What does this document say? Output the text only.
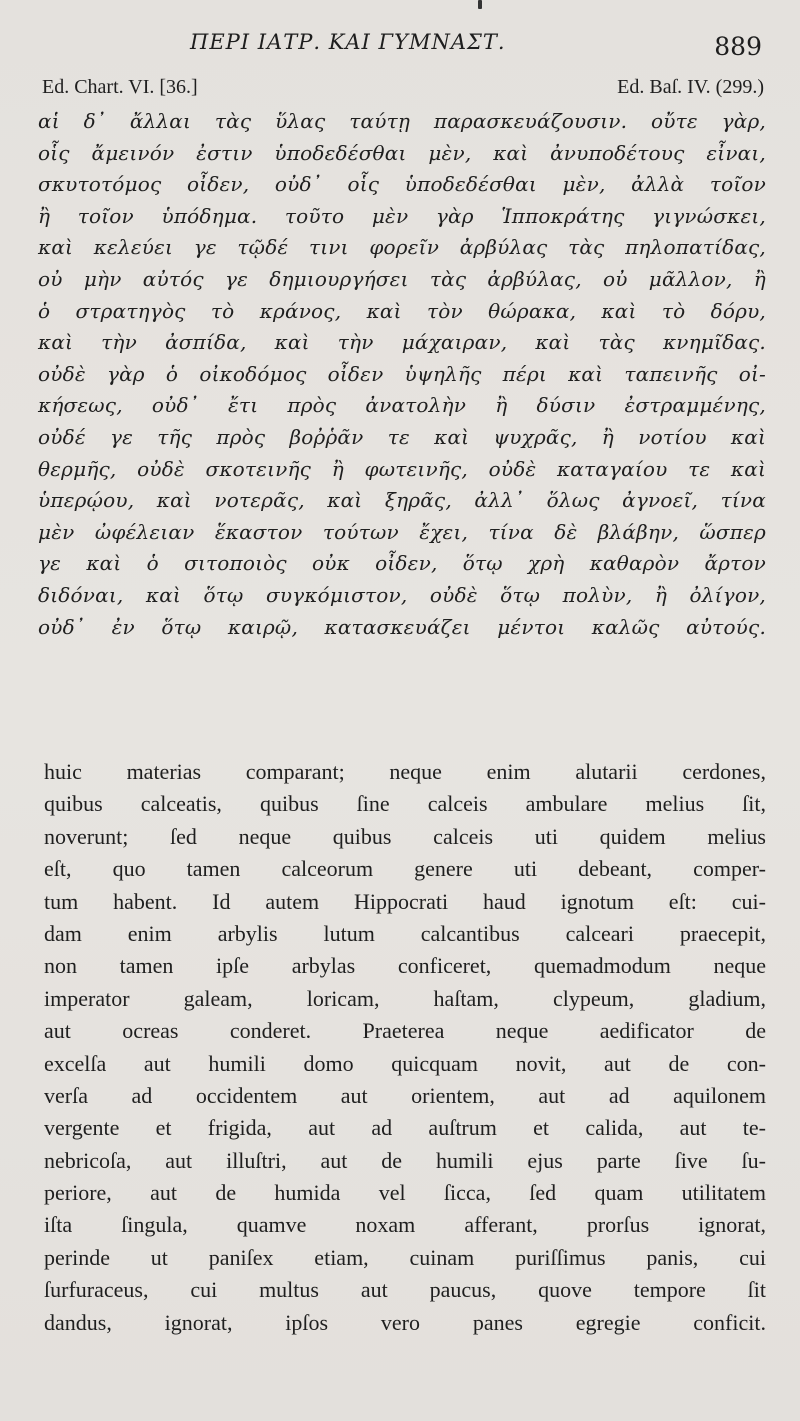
ΠΕΡΙ ΙΑΤΡ. ΚΑΙ ΓΥΜΝΑΣΤ.	889
Ed. Chart. VI. [36.]	Ed. Baſ. IV. (299.)
αἱ δ᾽ ἄλλαι τὰς ὕλας ταύτῃ παρασκευάζουσιν. οὔτε γὰρ,
οἷς ἄμεινόν ἐστιν ὑποδεδέσθαι μὲν, καὶ ἀνυποδέτους εἶναι,
σκυτοτόμος οἶδεν, οὐδ᾽ οἷς ὑποδεδέσθαι μὲν, ἀλλὰ τοῖον
ἢ τοῖον ὑπόδημα. τοῦτο μὲν γὰρ Ἱπποκράτης γιγνώσκει,
καὶ κελεύει γε τῷδέ τινι φορεῖν ἀρβύλας τὰς πηλοπατίδας,
οὐ μὴν αὐτός γε δημιουργήσει τὰς ἀρβύλας, οὐ μᾶλλον, ἢ
ὁ στρατηγὸς τὸ κράνος, καὶ τὸν θώρακα, καὶ τὸ δόρυ,
καὶ τὴν ἀσπίδα, καὶ τὴν μάχαιραν, καὶ τὰς κνημῖδας.
οὐδὲ γὰρ ὁ οἰκοδόμος οἶδεν ὑψηλῆς πέρι καὶ ταπεινῆς οἰ-
κήσεως, οὐδ᾽ ἔτι πρὸς ἀνατολὴν ἢ δύσιν ἐστραμμένης,
οὐδέ γε τῆς πρὸς βοῤῥᾶν τε καὶ ψυχρᾶς, ἢ νοτίου καὶ
θερμῆς, οὐδὲ σκοτεινῆς ἢ φωτεινῆς, οὐδὲ καταγαίου τε καὶ
ὑπερῴου, καὶ νοτερᾶς, καὶ ξηρᾶς, ἀλλ᾽ ὅλως ἀγνοεῖ, τίνα
μὲν ὠφέλειαν ἕκαστον τούτων ἔχει, τίνα δὲ βλάβην, ὥσπερ
γε καὶ ὁ σιτοποιὸς οὐκ οἶδεν, ὅτῳ χρὴ καθαρὸν ἄρτον
διδόναι, καὶ ὅτῳ συγκόμιστον, οὐδὲ ὅτῳ πολὺν, ἢ ὀλίγον,
οὐδ᾽ ἐν ὅτῳ καιρῷ, κατασκευάζει μέντοι καλῶς αὐτούς.
huic materias comparant; neque enim alutarii cerdones,
quibus calceatis, quibus ſine calceis ambulare melius ſit,
noverunt; ſed neque quibus calceis uti quidem melius
eſt, quo tamen calceorum genere uti debeant, comper-
tum habent. Id autem Hippocrati haud ignotum eſt: cui-
dam enim arbylis lutum calcantibus calceari praecepit,
non tamen ipſe arbylas conficeret, quemadmodum neque
imperator galeam, loricam, haſtam, clypeum, gladium,
aut ocreas conderet. Praeterea neque aedificator de
excelſa aut humili domo quicquam novit, aut de con-
verſa ad occidentem aut orientem, aut ad aquilonem
vergente et frigida, aut ad auſtrum et calida, aut te-
nebricoſa, aut illuſtri, aut de humili ejus parte ſive ſu-
periore, aut de humida vel ſicca, ſed quam utilitatem
iſta ſingula, quamve noxam afferant, prorſus ignorat,
perinde ut paniſex etiam, cuinam puriſſimus panis, cui
ſurfuraceus, cui multus aut paucus, quove tempore ſit
dandus, ignorat, ipſos vero panes egregie conficit.
